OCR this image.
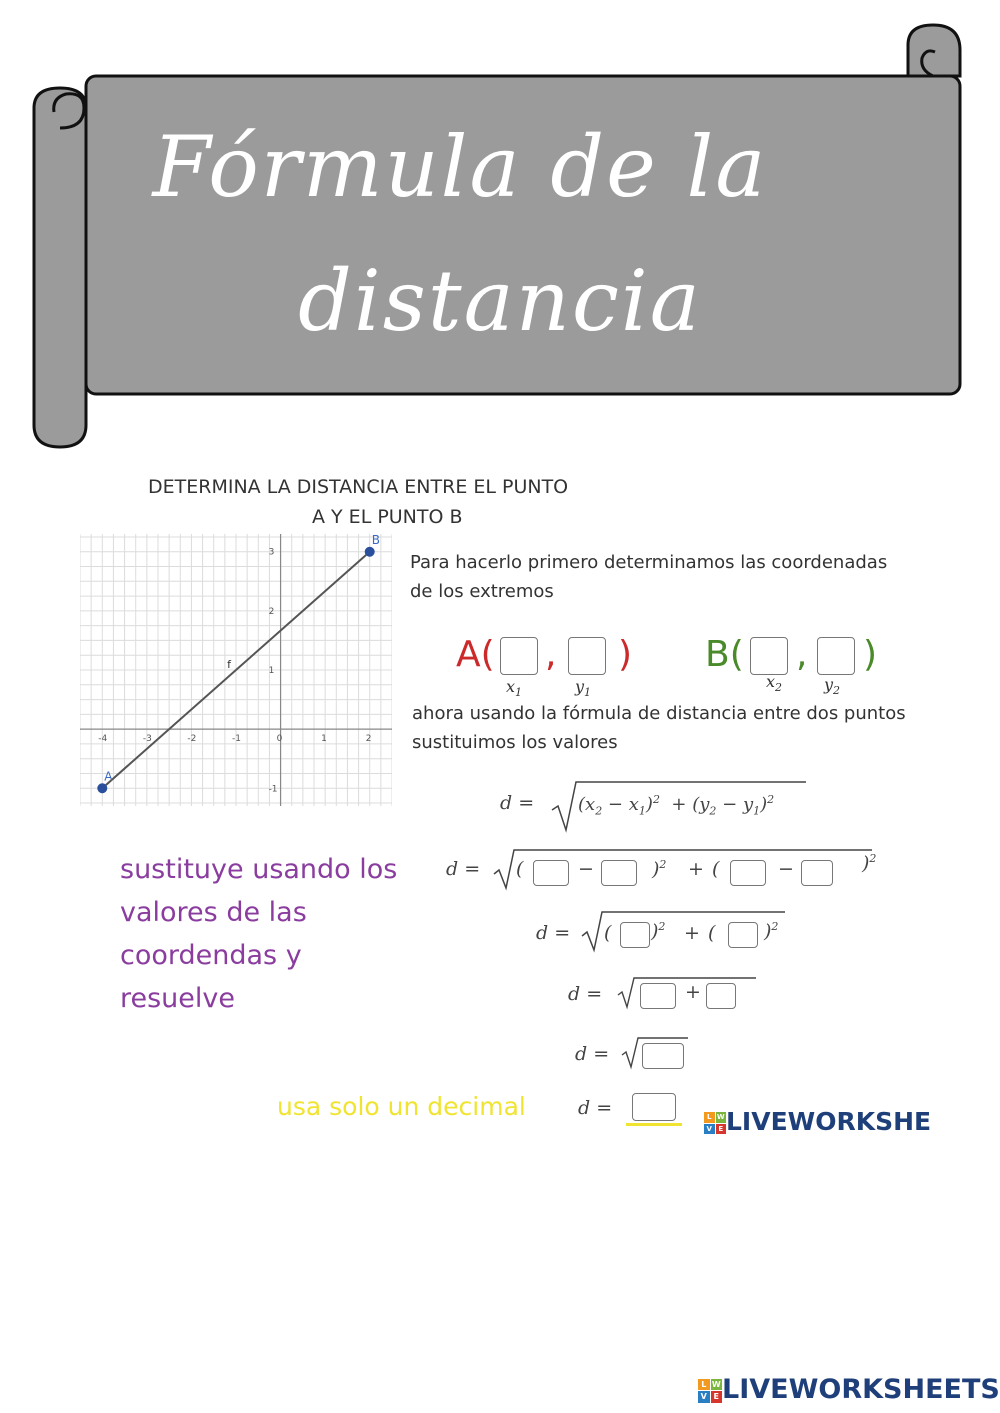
Fórmula de la
distancia
DETERMINA LA DISTANCIA ENTRE EL PUNTO
A Y EL PUNTO B
-4	-3	-2	-1	0	1	2
3
2
1
-1
A
B
f
Para hacerlo primero determinamos las coordenadas
de los extremos
A( , )
$x_1$	$y_1$
B( , )
$x_2$	$y_2$
ahora usando la fórmula de distancia entre dos puntos
sustituimos los valores
$d = (x_2 - x_1)^2 + (y_2 - y_1)^2$
sustituye usando los
valores de las
coordendas y
resuelve
d = (	−	)$^2$ + (	−	)$^2$
d = ( )$^2$ + (	)$^2$
d =	+
d =
usa solo un decimal	d =	L W
V E LIVEWORKSHE
L W
V E LIVEWORKSHEETS
